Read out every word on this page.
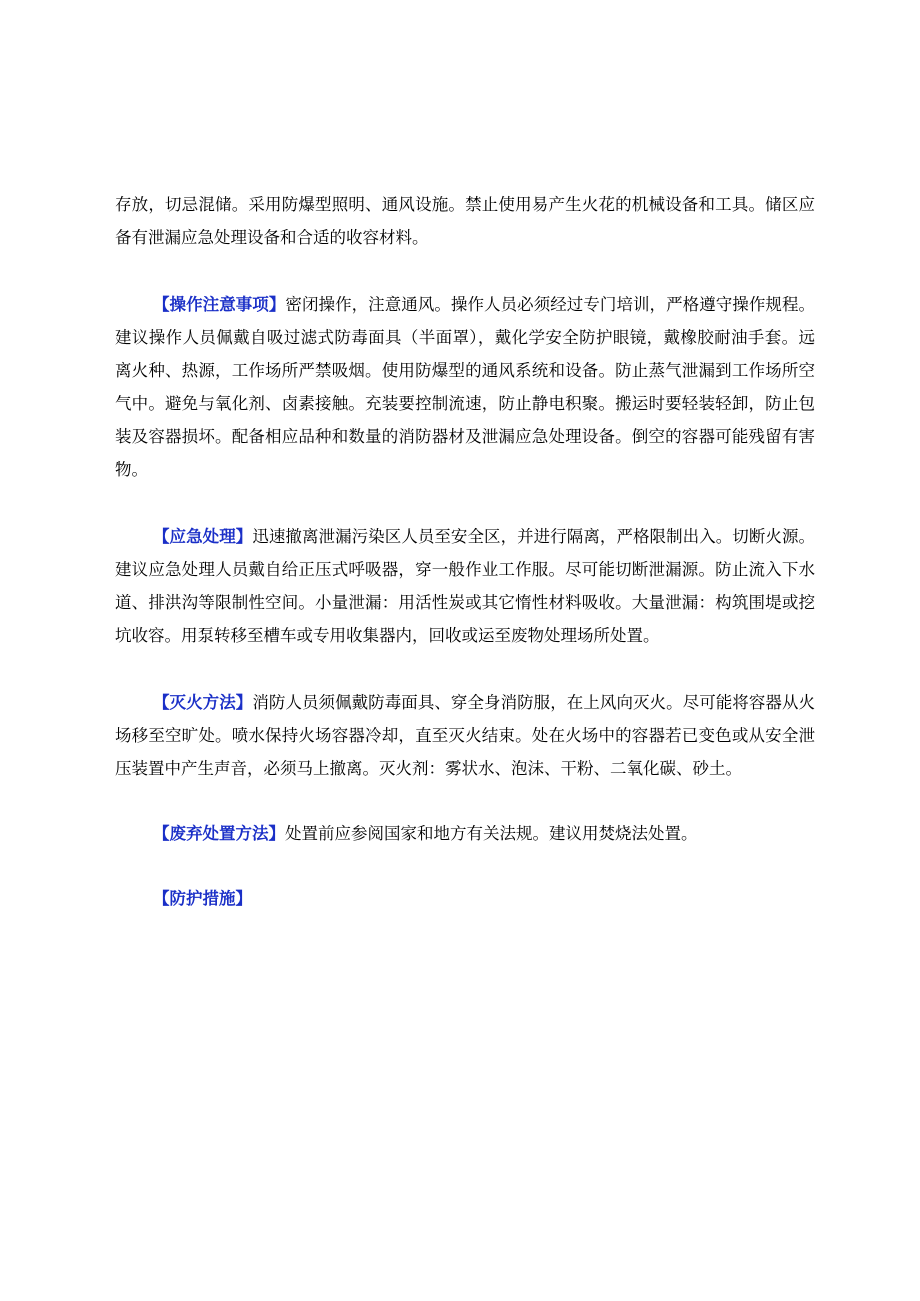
存放，切忌混储。采用防爆型照明、通风设施。禁止使用易产生火花的机械设备和工具。储区应备有泄漏应急处理设备和合适的收容材料。

【操作注意事项】密闭操作，注意通风。操作人员必须经过专门培训，严格遵守操作规程。建议操作人员佩戴自吸过滤式防毒面具（半面罩），戴化学安全防护眼镜，戴橡胶耐油手套。远离火种、热源，工作场所严禁吸烟。使用防爆型的通风系统和设备。防止蒸气泄漏到工作场所空气中。避免与氧化剂、卤素接触。充装要控制流速，防止静电积聚。搬运时要轻装轻卸，防止包装及容器损坏。配备相应品种和数量的消防器材及泄漏应急处理设备。倒空的容器可能残留有害物。

【应急处理】迅速撤离泄漏污染区人员至安全区，并进行隔离，严格限制出入。切断火源。建议应急处理人员戴自给正压式呼吸器，穿一般作业工作服。尽可能切断泄漏源。防止流入下水道、排洪沟等限制性空间。小量泄漏：用活性炭或其它惰性材料吸收。大量泄漏：构筑围堤或挖坑收容。用泵转移至槽车或专用收集器内，回收或运至废物处理场所处置。

【灭火方法】消防人员须佩戴防毒面具、穿全身消防服，在上风向灭火。尽可能将容器从火场移至空旷处。喷水保持火场容器冷却，直至灭火结束。处在火场中的容器若已变色或从安全泄压装置中产生声音，必须马上撤离。灭火剂：雾状水、泡沫、干粉、二氧化碳、砂土。

【废弃处置方法】处置前应参阅国家和地方有关法规。建议用焚烧法处置。

【防护措施】
